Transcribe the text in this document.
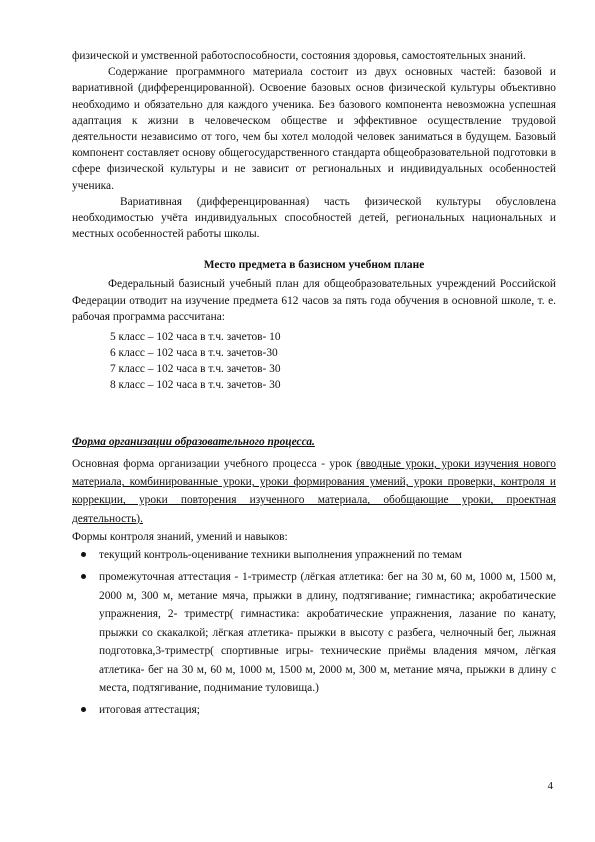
физической и умственной работоспособности, состояния здоровья, самостоятельных знаний.

Содержание программного материала состоит из двух основных частей: базовой и вариативной (дифференцированной). Освоение базовых основ физической культуры объективно необходимо и обязательно для каждого ученика. Без базового компонента невозможна успешная адаптация к жизни в человеческом обществе и эффективное осуществление трудовой деятельности независимо от того, чем бы хотел молодой человек заниматься в будущем. Базовый компонент составляет основу общегосударственного стандарта общеобразовательной подготовки в сфере физической культуры и не зависит от региональных и индивидуальных особенностей ученика.

Вариативная (дифференцированная) часть физической культуры обусловлена необходимостью учёта индивидуальных способностей детей, региональных национальных и местных особенностей работы школы.

Место предмета в базисном учебном плане

Федеральный базисный учебный план для общеобразовательных учреждений Российской Федерации отводит на изучение предмета 612 часов за пять года обучения в основной школе, т. е. рабочая программа рассчитана:

5 класс – 102 часа в т.ч. зачетов- 10
6 класс – 102 часа в т.ч. зачетов-30
7 класс – 102 часа в т.ч. зачетов- 30
8 класс – 102 часа в т.ч. зачетов- 30

Форма организации образовательного процесса.

Основная форма организации учебного процесса - урок (вводные уроки, уроки изучения нового материала, комбинированные уроки, уроки формирования умений, уроки проверки, контроля и коррекции, уроки повторения изученного материала, обобщающие уроки, проектная деятельность).

Формы контроля знаний, умений и навыков:

текущий контроль-оценивание техники выполнения упражнений по темам
промежуточная аттестация - 1-триместр (лёгкая атлетика: бег на 30 м, 60 м, 1000 м, 1500 м, 2000 м, 300 м, метание мяча, прыжки в длину, подтягивание; гимнастика; акробатические упражнения, 2- триместр( гимнастика: акробатические упражнения, лазание по канату, прыжки со скакалкой; лёгкая атлетика- прыжки в высоту с разбега, челночный бег, лыжная подготовка,3-триместр( спортивные игры- технические приёмы владения мячом, лёгкая атлетика- бег на 30 м, 60 м, 1000 м, 1500 м, 2000 м, 300 м, метание мяча, прыжки в длину с места, подтягивание, поднимание туловища.)
итоговая аттестация;
4
